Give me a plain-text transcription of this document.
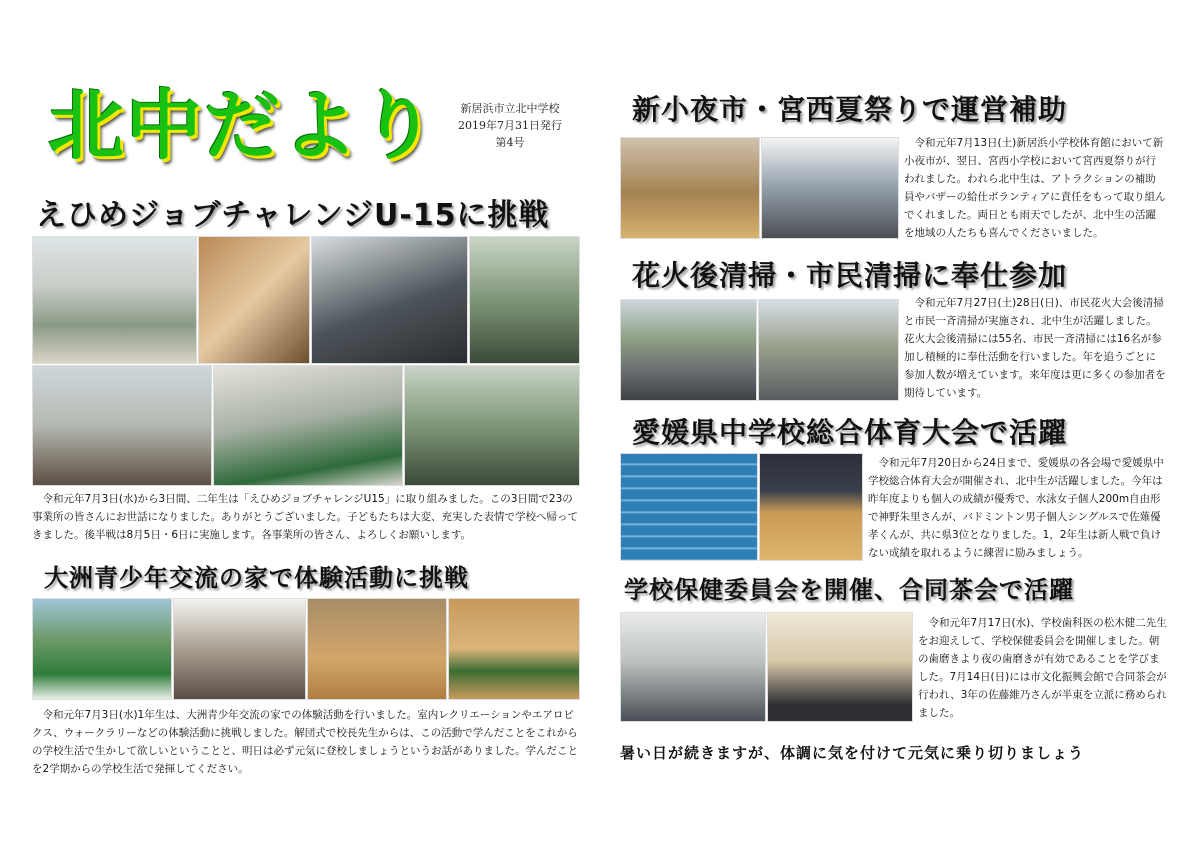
北中だより	新居浜市立北中学校
2019年7月31日発行
第4号
えひめジョブチャレンジU-15に挑戦

令和元年7月3日(水)から3日間、二年生は「えひめジョブチャレンジU15」に取り組みました。この3日間で23の事業所の皆さんにお世話になりました。ありがとうございました。子どもたちは大変、充実した表情で学校へ帰ってきました。後半戦は8月5日・6日に実施します。各事業所の皆さん、よろしくお願いします。

大洲青少年交流の家で体験活動に挑戦

令和元年7月3日(水)1年生は、大洲青少年交流の家での体験活動を行いました。室内レクリエーションやエアロビクス、ウォークラリーなどの体験活動に挑戦しました。解団式で校長先生からは、この活動で学んだことをこれからの学校生活で生かして欲しいということと、明日は必ず元気に登校しましょうというお話がありました。学んだことを2学期からの学校生活で発揮してください。

新小夜市・宮西夏祭りで運営補助

令和元年7月13日(土)新居浜小学校体育館において新小夜市が、翌日、宮西小学校において宮西夏祭りが行われました。われら北中生は、アトラクションの補助員やバザーの給仕ボランティアに責任をもって取り組んでくれました。両日とも雨天でしたが、北中生の活躍を地域の人たちも喜んでくださいました。

花火後清掃・市民清掃に奉仕参加

令和元年7月27日(土)28日(日)、市民花火大会後清掃と市民一斉清掃が実施され、北中生が活躍しました。花火大会後清掃には55名、市民一斉清掃には16名が参加し積極的に奉仕活動を行いました。年を追うごとに参加人数が増えています。来年度は更に多くの参加者を期待しています。

愛媛県中学校総合体育大会で活躍

令和元年7月20日から24日まで、愛媛県の各会場で愛媛県中学校総合体育大会が開催され、北中生が活躍しました。今年は昨年度よりも個人の成績が優秀で、水泳女子個人200m自由形で神野朱里さんが、バドミントン男子個人シングルスで佐薙優孝くんが、共に県3位となりました。1，2年生は新人戦で負けない成績を取れるように練習に励みましょう。

学校保健委員会を開催、合同茶会で活躍

令和元年7月17日(水)、学校歯科医の松木健二先生をお迎えして、学校保健委員会を開催しました。朝の歯磨きより夜の歯磨きが有効であることを学びました。7月14日(日)には市文化振興会館で合同茶会が行われ、3年の佐藤維乃さんが半東を立派に務められました。

暑い日が続きますが、体調に気を付けて元気に乗り切りましょう
